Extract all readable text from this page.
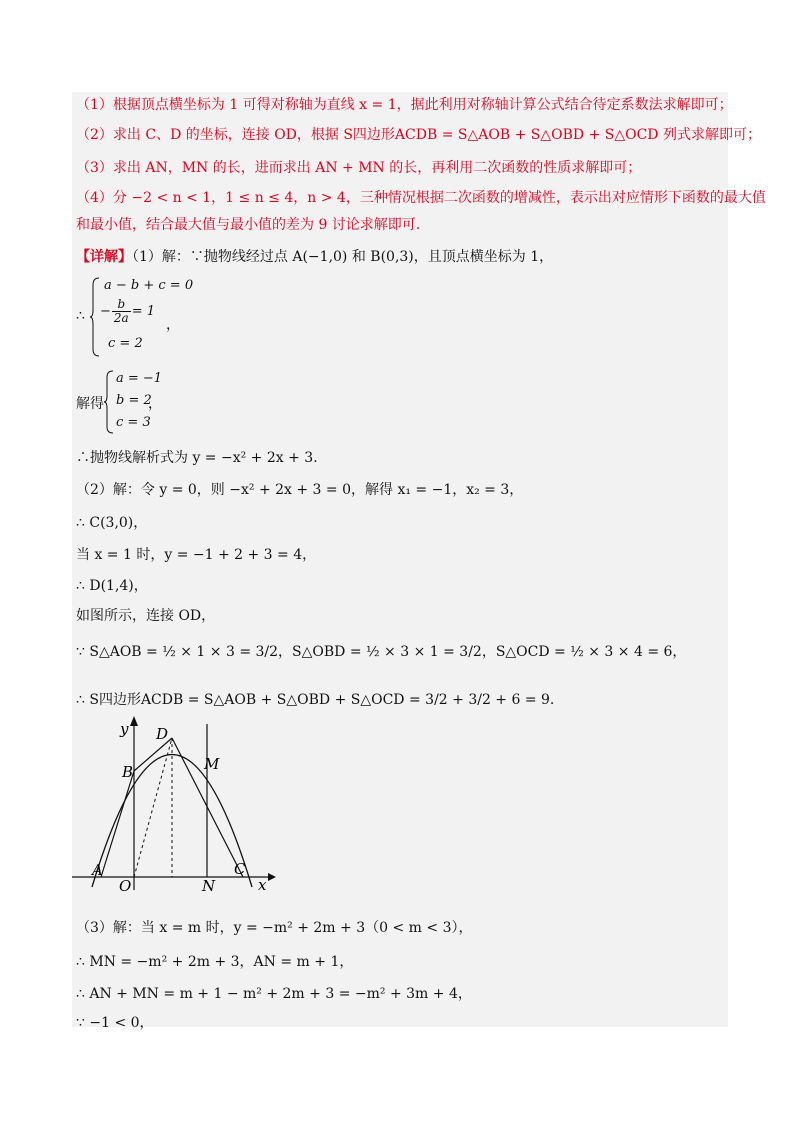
（1）根据顶点横坐标为 1 可得对称轴为直线 x = 1，据此利用对称轴计算公式结合待定系数法求解即可；
（2）求出 C、D 的坐标，连接 OD，根据 S四边形ACDB = S△AOB + S△OBD + S△OCD 列式求解即可；
（3）求出 AN，MN 的长，进而求出 AN + MN 的长，再利用二次函数的性质求解即可；
（4）分 −2 < n < 1，1 ≤ n ≤ 4，n > 4，三种情况根据二次函数的增减性，表示出对应情形下函数的最大值
和最小值，结合最大值与最小值的差为 9 讨论求解即可.
【详解】（1）解：∵抛物线经过点 A(−1,0) 和 B(0,3)，且顶点横坐标为 1，
∴
a − b + c = 0
− $\frac{b}{2a} = 1$
c = 2
，
解得
a = −1
b = 2
c = 3
，
∴抛物线解析式为 y = −x² + 2x + 3.
（2）解：令 y = 0，则 −x² + 2x + 3 = 0，解得 x₁ = −1，x₂ = 3，
∴ C(3,0)，
当 x = 1 时，y = −1 + 2 + 3 = 4，
∴ D(1,4)，
如图所示，连接 OD，
∵ S△AOB = ½ × 1 × 3 = 3/2，S△OBD = ½ × 3 × 1 = 3/2，S△OCD = ½ × 3 × 4 = 6，
∴ S四边形ACDB = S△AOB + S△OBD + S△OCD = 3/2 + 3/2 + 6 = 9.
y
x
D
B	M
A
O	N
C
（3）解：当 x = m 时，y = −m² + 2m + 3（0 < m < 3），
∴ MN = −m² + 2m + 3，AN = m + 1，
∴ AN + MN = m + 1 − m² + 2m + 3 = −m² + 3m + 4，
∵ −1 < 0，
